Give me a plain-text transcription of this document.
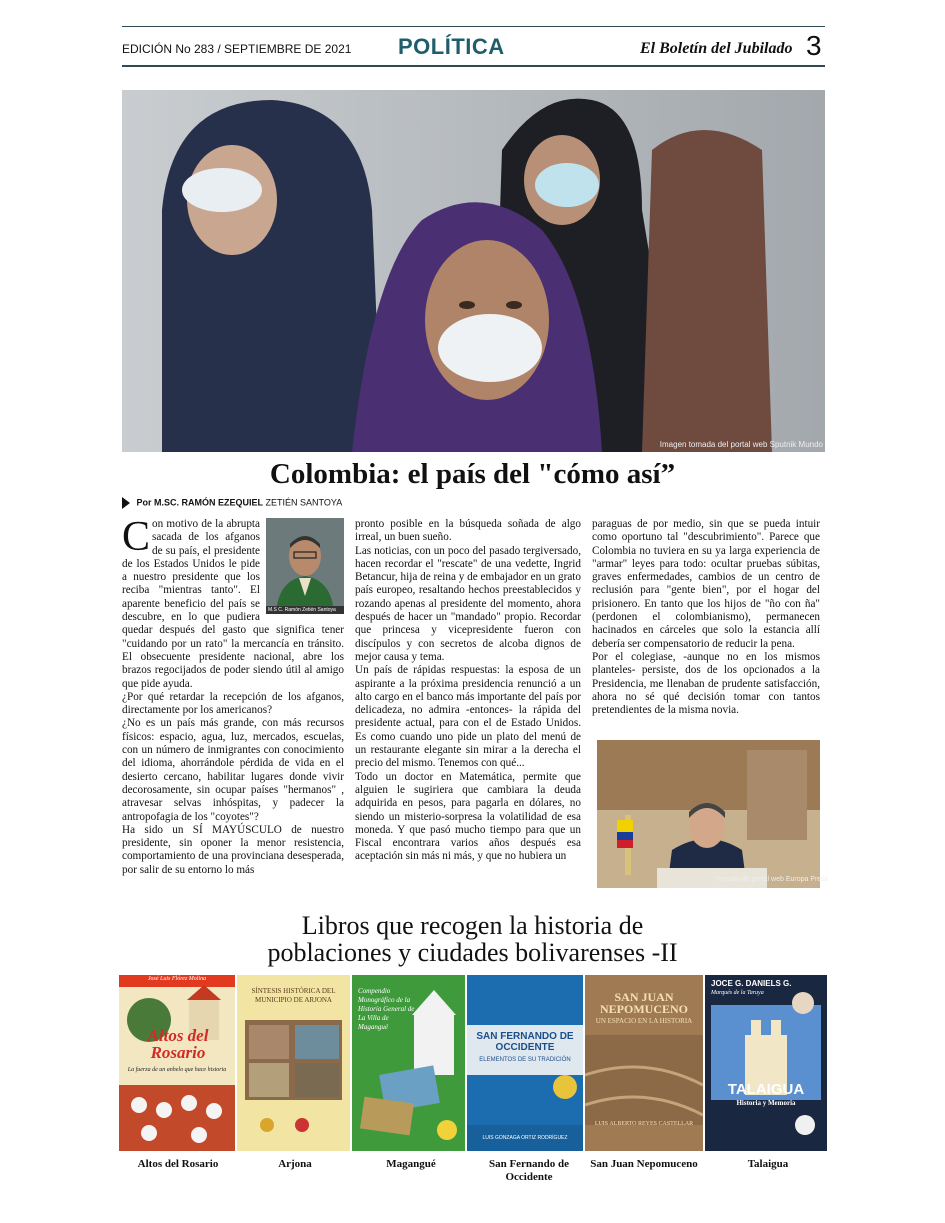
EDICIÓN No 283 / SEPTIEMBRE DE 2021 POLÍTICA	El Boletín del Jubilado 3
Imagen tomada del portal web Sputnik Mundo
Colombia: el país del "cómo así”
Por M.SC. RAMÓN EZEQUIEL ZETIÉN SANTOYA
M.S C. Ramón Zetién Santoya
C on motivo de la abrupta sacada de los afganos de su país, el presidente de los Estados Unidos le pide a nuestro presidente que los reciba "mientras tanto". El aparente beneficio del país se descubre, en lo que pudiera quedar después del gasto que significa tener "cuidando por un rato" la mercancía en tránsito. El obsecuente presidente nacional, abre los brazos regocijados de poder siendo útil al amigo que pide ayuda.

¿Por qué retardar la recepción de los afganos, directamente por los americanos?

¿No es un país más grande, con más recursos físicos: espacio, agua, luz, mercados, escuelas, con un número de inmigrantes con conocimiento del idioma, ahorrándole pérdida de vida en el desierto cercano, habilitar lugares donde vivir decorosamente, sin ocupar países "hermanos" , atravesar selvas inhóspitas, y padecer la antropofagia de los "coyotes"?

Ha sido un SÍ MAYÚSCULO de nuestro presidente, sin oponer la menor resistencia, comportamiento de una provinciana desesperada, por salir de su entorno lo más

pronto posible en la búsqueda soñada de algo irreal, un buen sueño.

Las noticias, con un poco del pasado tergiversado, hacen recordar el "rescate" de una vedette, Ingrid Betancur, hija de reina y de embajador en un grato país europeo, resaltando hechos preestablecidos y rozando apenas al presidente del momento, ahora después de hacer un "mandado" propio. Recordar que princesa y vicepresidente fueron con discípulos y con secretos de alcoba dignos de mejor causa y tema.

Un país de rápidas respuestas: la esposa de un aspirante a la próxima presidencia renunció a un alto cargo en el banco más importante del país por delicadeza, no admira -entonces- la rápida del presidente actual, para con el de Estado Unidos. Es como cuando uno pide un plato del menú de un restaurante elegante sin mirar a la derecha el precio del mismo. Tenemos con qué...

Todo un doctor en Matemática, permite que alguien le sugiriera que cambiara la deuda adquirida en pesos, para pagarla en dólares, no siendo un misterio-sorpresa la volatilidad de esa moneda. Y que pasó mucho tiempo para que un Fiscal encontrara varios años después esa aceptación sin más ni más, y que no hubiera un

paraguas de por medio, sin que se pueda intuir como oportuno tal "descubrimiento". Parece que Colombia no tuviera en su ya larga experiencia de "armar" leyes para todo: ocultar pruebas súbitas, graves enfermedades, cambios de un centro de reclusión para "gente bien", por el hogar del prisionero. En tanto que los hijos de "ño con ña" (perdonen el colombianismo), permanecen hacinados en cárceles que solo la estancia allí debería ser compensatorio de reducir la pena.

Por el colegiase, -aunque no en los mismos planteles- persiste, dos de los opcionados a la Presidencia, me llenaban de prudente satisfacción, ahora no sé qué decisión tomar con tantos pretendientes de la misma novia.

Tomado de portal web Europa Press
Libros que recogen la historia de
poblaciones y ciudades bolivarenses -II
José Luis Flórez Molina
Altos del Rosario
La fuerza de un anhelo que hace historia
SÍNTESIS HISTÓRICA DEL MUNICIPIO DE ARJONA
Compendio Monográfico de la Historia General de La Villa de Magangué
SAN FERNANDO DE OCCIDENTE
ELEMENTOS DE SU TRADICIÓN
LUIS GONZAGA ORTIZ RODRÍGUEZ
SAN JUAN NEPOMUCENO
UN ESPACIO EN LA HISTORIA
LUIS ALBERTO REYES CASTELLAR
JOCE G. DANIELS G.
Marqués de la Taruya
TALAIGUA
Historia y Memoria
Altos del Rosario	Arjona	Magangué	San Fernando de Occidente
San Juan Nepomuceno	Talaigua
